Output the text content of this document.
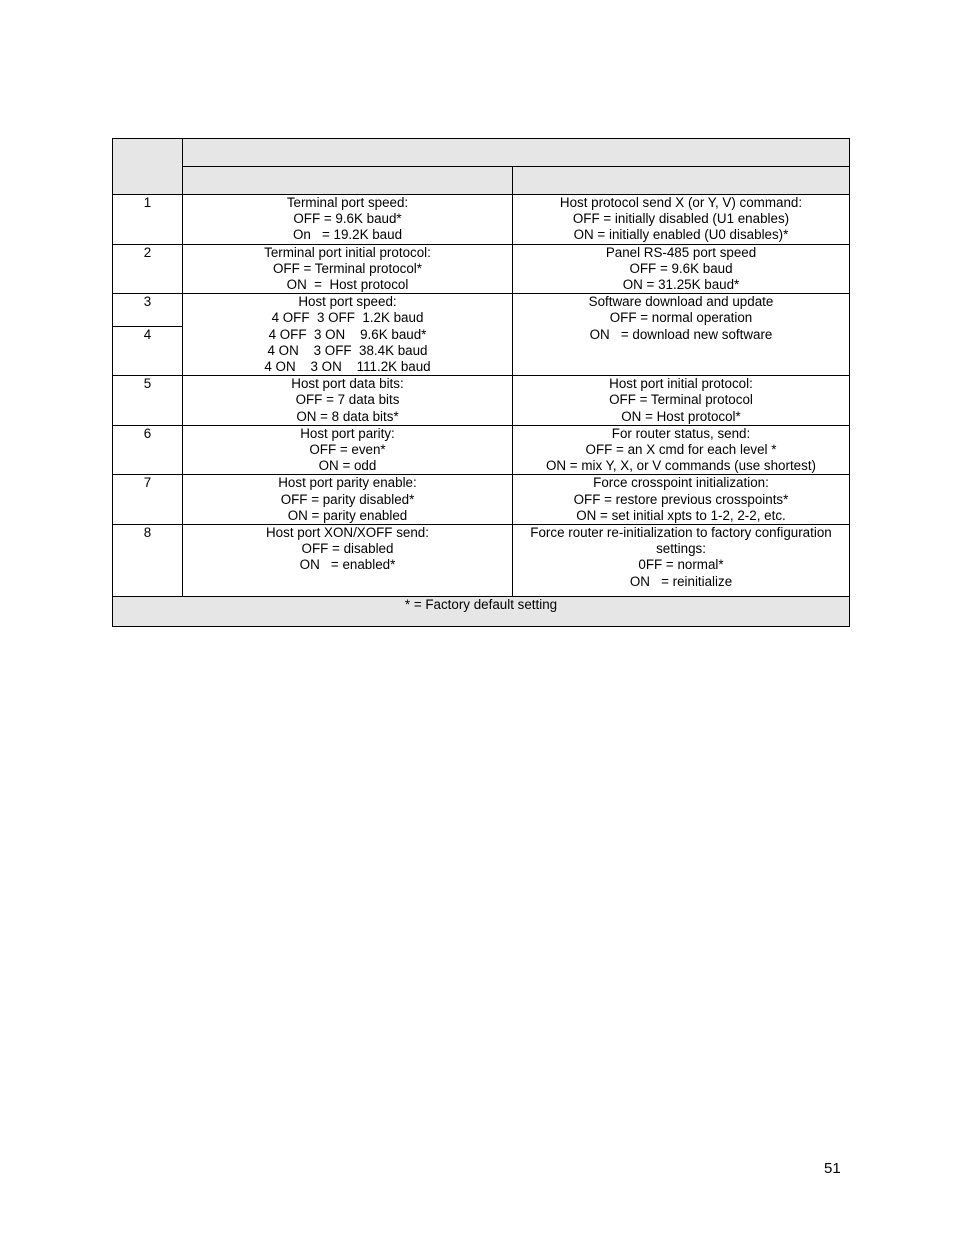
1	Terminal port speed:
OFF = 9.6K baud*
On   = 19.2K baud	Host protocol send X (or Y, V) command:
OFF = initially disabled (U1 enables)
ON = initially enabled (U0 disables)*

2	Terminal port initial protocol:
OFF = Terminal protocol*
ON  =  Host protocol	Panel RS-485 port speed
OFF = 9.6K baud
ON = 31.25K baud*

3	Host port speed:
4 OFF  3 OFF  1.2K baud
4 OFF  3 ON    9.6K baud*
4 ON    3 OFF  38.4K baud
4 ON    3 ON    111.2K baud	Software download and update
OFF = normal operation
ON   = download new software

4		
5	Host port data bits:
OFF = 7 data bits
ON = 8 data bits*	Host port initial protocol:
OFF = Terminal protocol
ON = Host protocol*

6	Host port parity:
OFF = even*
ON = odd	For router status, send:
OFF = an X cmd for each level *
ON = mix Y, X, or V commands (use shortest)

7	Host port parity enable:
OFF = parity disabled*
ON = parity enabled	Force crosspoint initialization:
OFF = restore previous crosspoints*
ON = set initial xpts to 1-2, 2-2, etc.

8	Host port XON/XOFF send:
OFF = disabled
ON   = enabled*	Force router re-initialization to factory configuration
settings:
0FF = normal*
ON   = reinitialize

* = Factory default setting		
51
